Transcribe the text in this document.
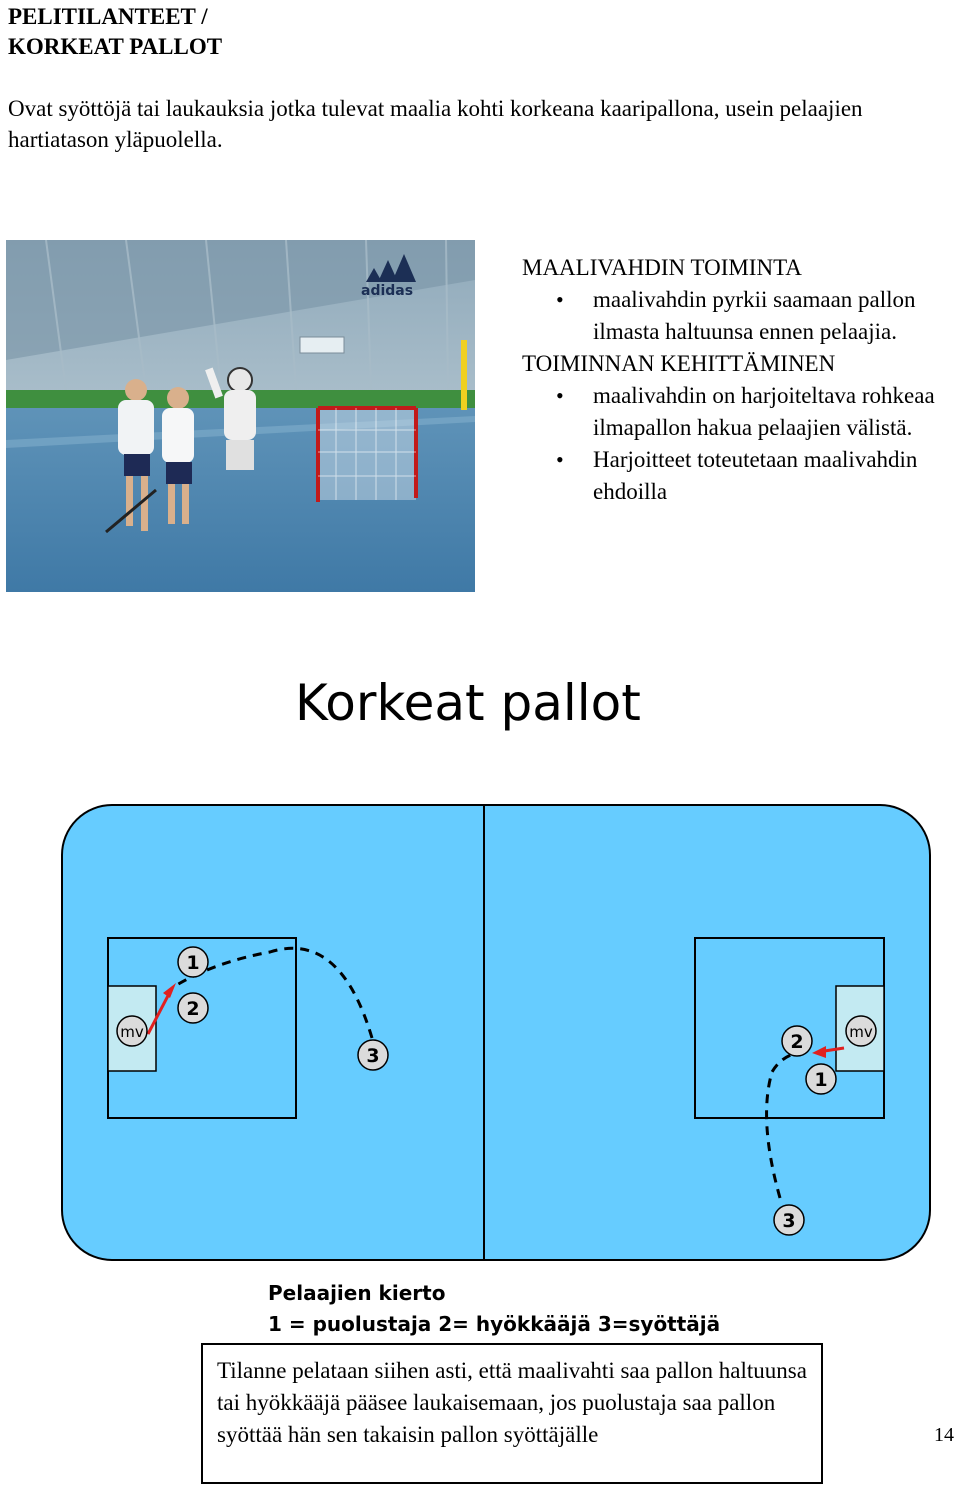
PELITILANTEET /
KORKEAT PALLOT

Ovat syöttöjä tai laukauksia jotka tulevat maalia kohti korkeana kaaripallona, usein pelaajien hartiatason yläpuolella.

adidas

MAALIVAHDIN TOIMINTA

• maalivahdin pyrkii saamaan pallon ilmasta haltuunsa ennen pelaajia.

TOIMINNAN KEHITTÄMINEN

• maalivahdin on harjoiteltava rohkeaa ilmapallon hakua pelaajien välistä.
• Harjoitteet toteutetaan maalivahdin ehdoilla
Korkeat pallot
mv	mv
1
2
3
2
1
3
Pelaajien kierto
1 = puolustaja 2= hyökkääjä 3=syöttäjä
Tilanne pelataan siihen asti, että maalivahti saa pallon haltuunsa tai hyökkääjä pääsee laukaisemaan, jos puolustaja saa pallon syöttää hän sen takaisin pallon syöttäjälle	14
